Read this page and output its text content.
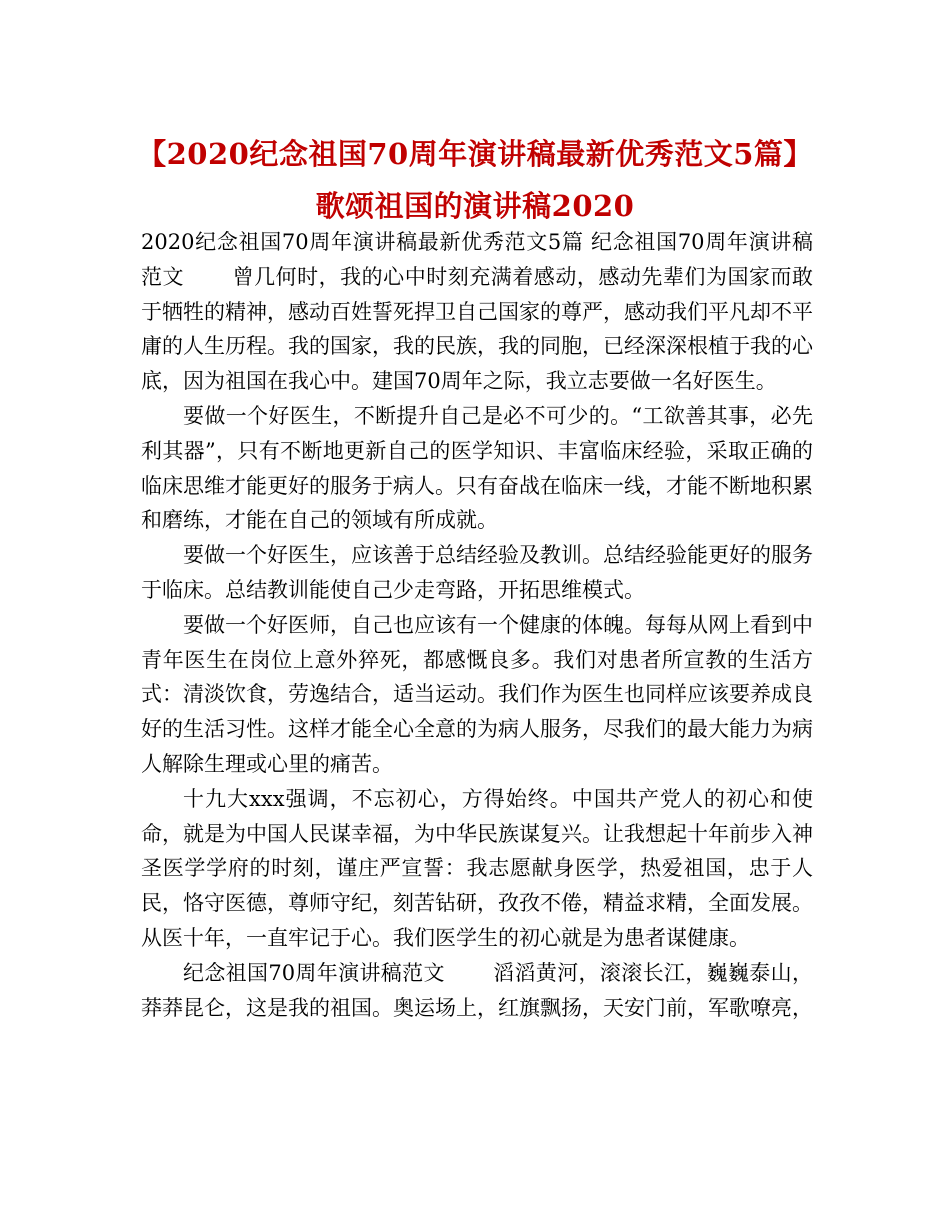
【2020纪念祖国70周年演讲稿最新优秀范文5篇】 歌颂祖国的演讲稿2020

2020纪念祖国70周年演讲稿最新优秀范文5篇 纪念祖国70周年演讲稿范文 曾几何时，我的心中时刻充满着感动，感动先辈们为国家而敢于牺牲的精神，感动百姓誓死捍卫自己国家的尊严，感动我们平凡却不平庸的人生历程。我的国家，我的民族，我的同胞，已经深深根植于我的心底，因为祖国在我心中。建国70周年之际，我立志要做一名好医生。

要做一个好医生，不断提升自己是必不可少的。“工欲善其事，必先利其器”，只有不断地更新自己的医学知识、丰富临床经验，采取正确的临床思维才能更好的服务于病人。只有奋战在临床一线，才能不断地积累和磨练，才能在自己的领域有所成就。

要做一个好医生，应该善于总结经验及教训。总结经验能更好的服务于临床。总结教训能使自己少走弯路，开拓思维模式。

要做一个好医师，自己也应该有一个健康的体魄。每每从网上看到中青年医生在岗位上意外猝死，都感慨良多。我们对患者所宣教的生活方式：清淡饮食，劳逸结合，适当运动。我们作为医生也同样应该要养成良好的生活习性。这样才能全心全意的为病人服务，尽我们的最大能力为病人解除生理或心里的痛苦。

十九大xxx强调，不忘初心，方得始终。中国共产党人的初心和使命，就是为中国人民谋幸福，为中华民族谋复兴。让我想起十年前步入神圣医学学府的时刻，谨庄严宣誓：我志愿献身医学，热爱祖国，忠于人民，恪守医德，尊师守纪，刻苦钻研，孜孜不倦，精益求精，全面发展。从医十年，一直牢记于心。我们医学生的初心就是为患者谋健康。

纪念祖国70周年演讲稿范文 滔滔黄河，滚滚长江，巍巍泰山，莽莽昆仑，这是我的祖国。奥运场上，红旗飘扬，天安门前，军歌嘹亮，
